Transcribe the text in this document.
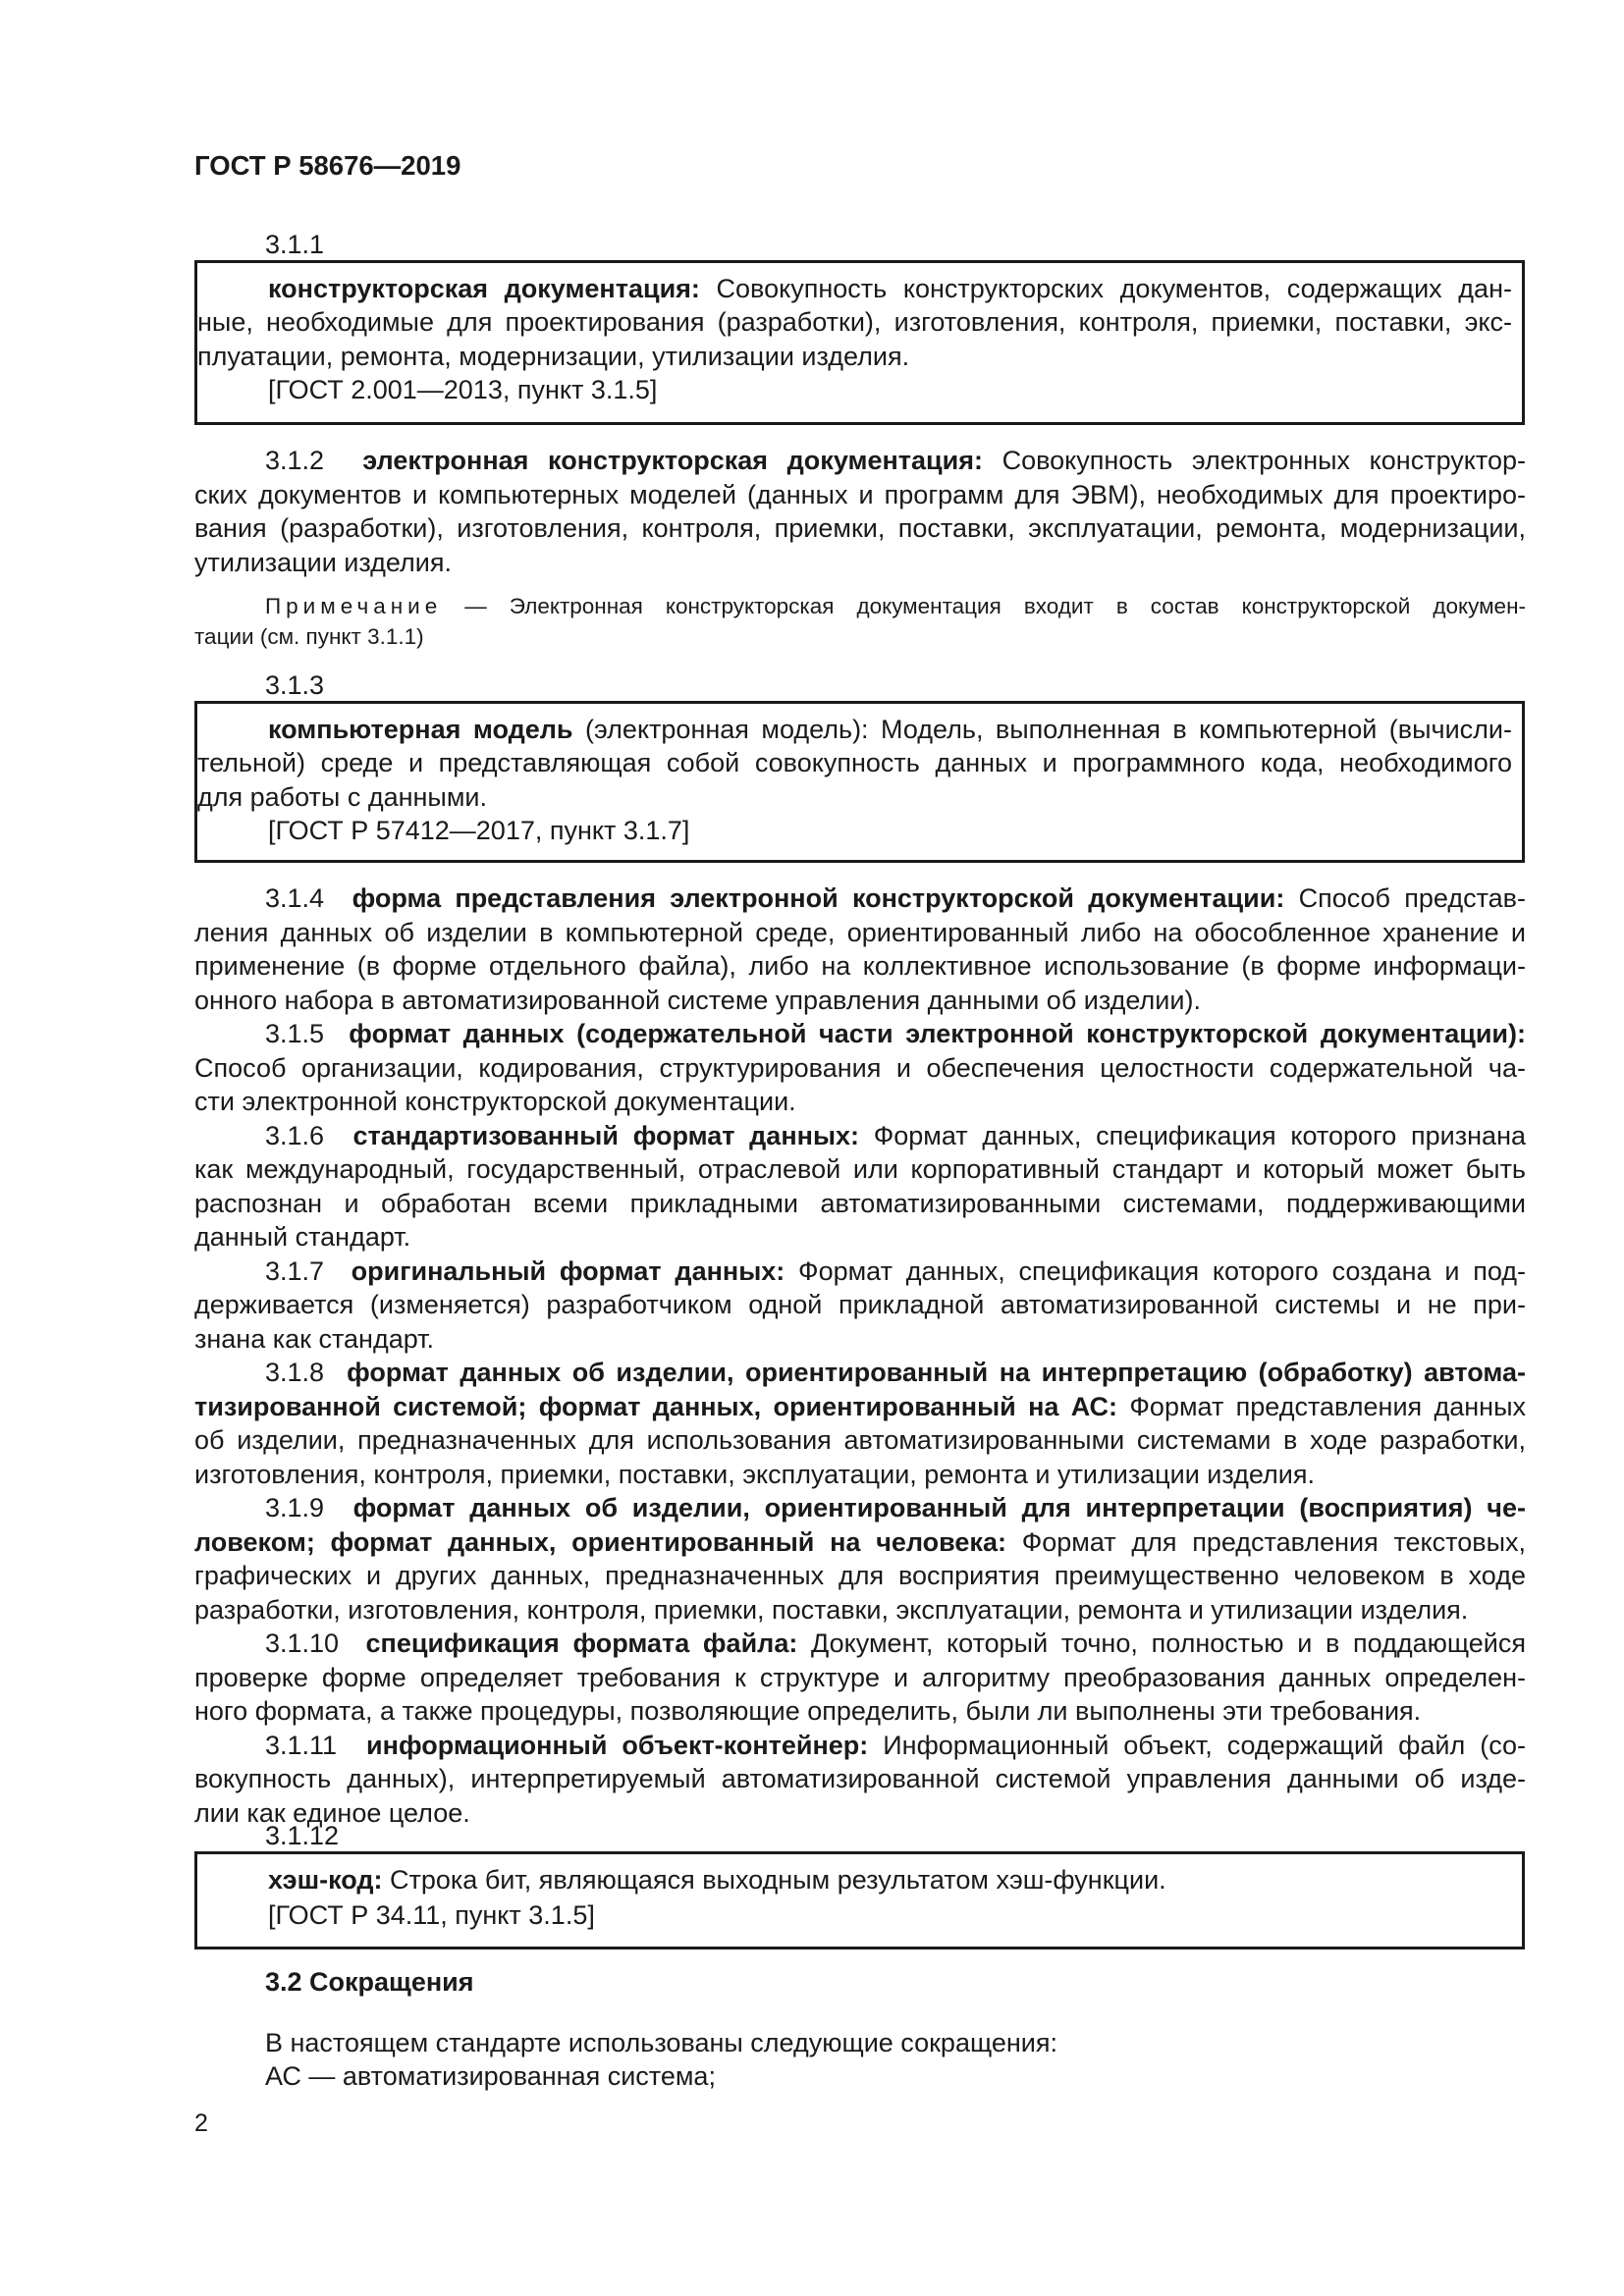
ГОСТ Р 58676—2019
3.1.1
конструкторская документация: Совокупность конструкторских документов, содержащих дан-
ные, необходимые для проектирования (разработки), изготовления, контроля, приемки, поставки, экс-
плуатации, ремонта, модернизации, утилизации изделия.
[ГОСТ 2.001—2013, пункт 3.1.5]
3.1.2 электронная конструкторская документация: Совокупность электронных конструктор-
ских документов и компьютерных моделей (данных и программ для ЭВМ), необходимых для проектиро-
вания (разработки), изготовления, контроля, приемки, поставки, эксплуатации, ремонта, модернизации,
утилизации изделия.
Примечание — Электронная конструкторская документация входит в состав конструкторской докумен-
тации (см. пункт 3.1.1)
3.1.3
компьютерная модель (электронная модель): Модель, выполненная в компьютерной (вычисли-
тельной) среде и представляющая собой совокупность данных и программного кода, необходимого
для работы с данными.
[ГОСТ Р 57412—2017, пункт 3.1.7]
3.1.4 форма представления электронной конструкторской документации: Способ представ-
ления данных об изделии в компьютерной среде, ориентированный либо на обособленное хранение и
применение (в форме отдельного файла), либо на коллективное использование (в форме информаци-
онного набора в автоматизированной системе управления данными об изделии).
3.1.5 формат данных (содержательной части электронной конструкторской документации):
Способ организации, кодирования, структурирования и обеспечения целостности содержательной ча-
сти электронной конструкторской документации.
3.1.6 стандартизованный формат данных: Формат данных, спецификация которого признана
как международный, государственный, отраслевой или корпоративный стандарт и который может быть
распознан и обработан всеми прикладными автоматизированными системами, поддерживающими
данный стандарт.
3.1.7 оригинальный формат данных: Формат данных, спецификация которого создана и под-
держивается (изменяется) разработчиком одной прикладной автоматизированной системы и не при-
знана как стандарт.
3.1.8 формат данных об изделии, ориентированный на интерпретацию (обработку) автома-
тизированной системой; формат данных, ориентированный на АС: Формат представления данных
об изделии, предназначенных для использования автоматизированными системами в ходе разработки,
изготовления, контроля, приемки, поставки, эксплуатации, ремонта и утилизации изделия.
3.1.9 формат данных об изделии, ориентированный для интерпретации (восприятия) че-
ловеком; формат данных, ориентированный на человека: Формат для представления текстовых,
графических и других данных, предназначенных для восприятия преимущественно человеком в ходе
разработки, изготовления, контроля, приемки, поставки, эксплуатации, ремонта и утилизации изделия.
3.1.10 спецификация формата файла: Документ, который точно, полностью и в поддающейся
проверке форме определяет требования к структуре и алгоритму преобразования данных определен-
ного формата, а также процедуры, позволяющие определить, были ли выполнены эти требования.
3.1.11 информационный объект-контейнер: Информационный объект, содержащий файл (со-
вокупность данных), интерпретируемый автоматизированной системой управления данными об изде-
лии как единое целое.
3.1.12
хэш-код: Строка бит, являющаяся выходным результатом хэш-функции.
[ГОСТ Р 34.11, пункт 3.1.5]
3.2 Сокращения
В настоящем стандарте использованы следующие сокращения:
АС — автоматизированная система;
2
